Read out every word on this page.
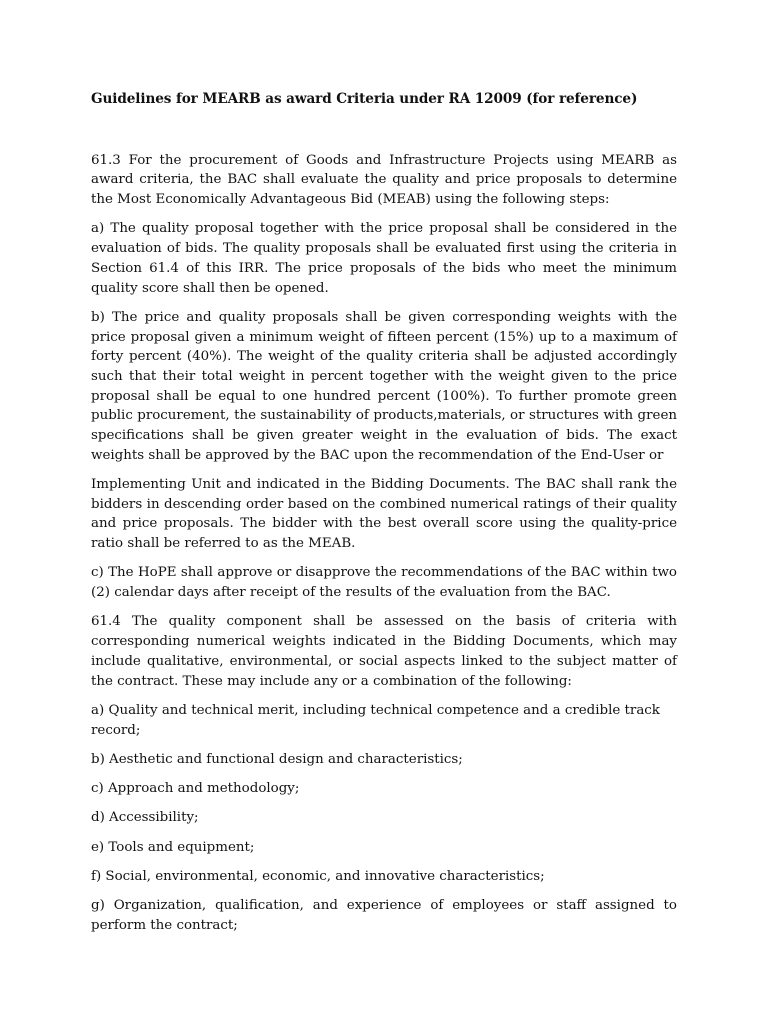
Guidelines for MEARB as award Criteria under RA 12009 (for reference)

61.3 For the procurement of Goods and Infrastructure Projects using MEARB as award criteria, the BAC shall evaluate the quality and price proposals to determine the Most Economically Advantageous Bid (MEAB) using the following steps:

a) The quality proposal together with the price proposal shall be considered in the evaluation of bids. The quality proposals shall be evaluated first using the criteria in Section 61.4 of this IRR. The price proposals of the bids who meet the minimum quality score shall then be opened.

b) The price and quality proposals shall be given corresponding weights with the price proposal given a minimum weight of fifteen percent (15%) up to a maximum of forty percent (40%). The weight of the quality criteria shall be adjusted accordingly such that their total weight in percent together with the weight given to the price proposal shall be equal to one hundred percent (100%). To further promote green public procurement, the sustainability of products,materials, or structures with green specifications shall be given greater weight in the evaluation of bids. The exact weights shall be approved by the BAC upon the recommendation of the End-User or

Implementing Unit and indicated in the Bidding Documents. The BAC shall rank the bidders in descending order based on the combined numerical ratings of their quality and price proposals. The bidder with the best overall score using the quality-price ratio shall be referred to as the MEAB.

c) The HoPE shall approve or disapprove the recommendations of the BAC within two (2) calendar days after receipt of the results of the evaluation from the BAC.

61.4 The quality component shall be assessed on the basis of criteria with corresponding numerical weights indicated in the Bidding Documents, which may include qualitative, environmental, or social aspects linked to the subject matter of the contract. These may include any or a combination of the following:

a) Quality and technical merit, including technical competence and a credible track record;

b) Aesthetic and functional design and characteristics;

c) Approach and methodology;

d) Accessibility;

e) Tools and equipment;

f) Social, environmental, economic, and innovative characteristics;

g) Organization, qualification, and experience of employees or staff assigned to perform the contract;
